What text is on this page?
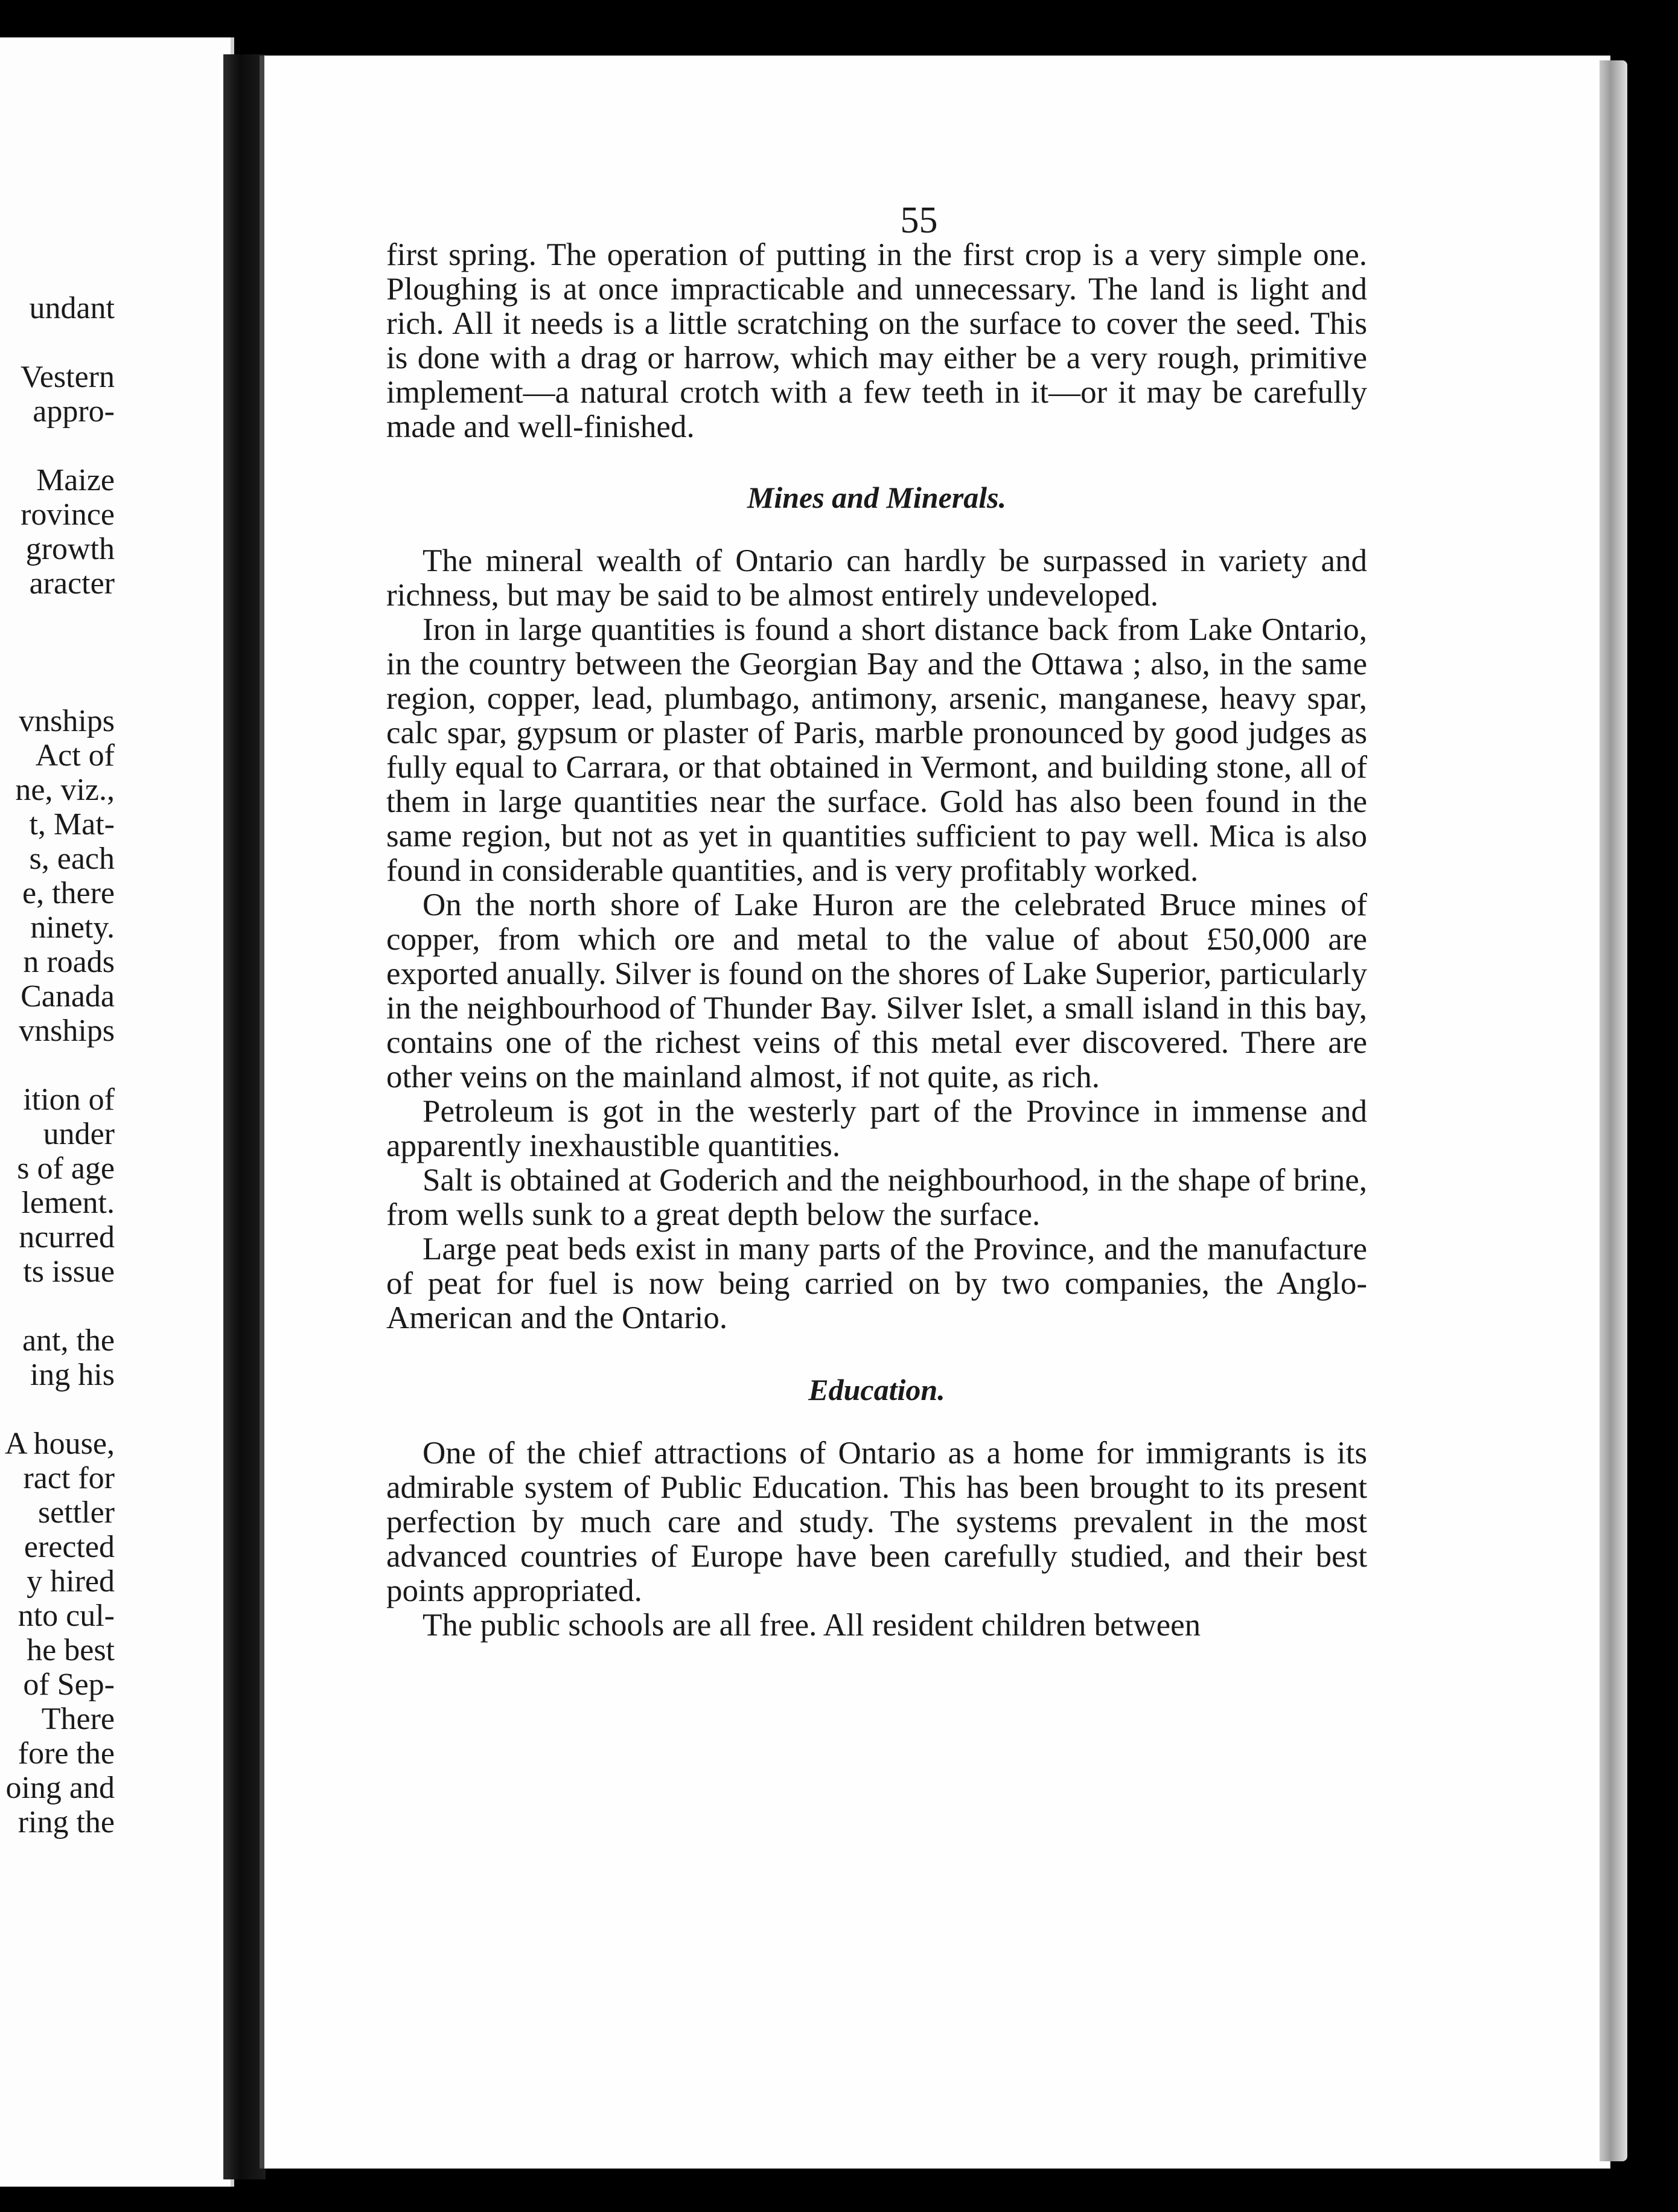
undant
Vestern
appro-
Maize
rovince
growth
aracter
vnships
Act of
ne, viz.,
t, Mat-
s, each
e, there
ninety.
n roads
Canada
vnships
ition of
under
s of age
lement.
ncurred
ts issue
ant, the
ing his
A house,
ract for
settler
erected
y hired
nto cul-
he best
of Sep-
There
fore the
oing and
ring the
55

first spring. The operation of putting in the first crop is a very simple one. Ploughing is at once impracticable and unnecessary. The land is light and rich. All it needs is a little scratching on the surface to cover the seed. This is done with a drag or harrow, which may either be a very rough, primitive implement—a natural crotch with a few teeth in it—or it may be carefully made and well-finished.

Mines and Minerals.

The mineral wealth of Ontario can hardly be surpassed in variety and richness, but may be said to be almost entirely undeveloped.

Iron in large quantities is found a short distance back from Lake Ontario, in the country between the Georgian Bay and the Ottawa ; also, in the same region, copper, lead, plumbago, antimony, arsenic, manganese, heavy spar, calc spar, gypsum or plaster of Paris, marble pronounced by good judges as fully equal to Carrara, or that obtained in Vermont, and building stone, all of them in large quantities near the surface. Gold has also been found in the same region, but not as yet in quantities sufficient to pay well. Mica is also found in considerable quantities, and is very profitably worked.

On the north shore of Lake Huron are the celebrated Bruce mines of copper, from which ore and metal to the value of about £50,000 are exported anually. Silver is found on the shores of Lake Superior, particularly in the neighbourhood of Thunder Bay. Silver Islet, a small island in this bay, contains one of the richest veins of this metal ever discovered. There are other veins on the mainland almost, if not quite, as rich.

Petroleum is got in the westerly part of the Province in immense and apparently inexhaustible quantities.

Salt is obtained at Goderich and the neighbourhood, in the shape of brine, from wells sunk to a great depth below the surface.

Large peat beds exist in many parts of the Province, and the manufacture of peat for fuel is now being carried on by two companies, the Anglo-American and the Ontario.

Education.

One of the chief attractions of Ontario as a home for immigrants is its admirable system of Public Education. This has been brought to its present perfection by much care and study. The systems prevalent in the most advanced countries of Europe have been carefully studied, and their best points appropriated.

The public schools are all free. All resident children between
